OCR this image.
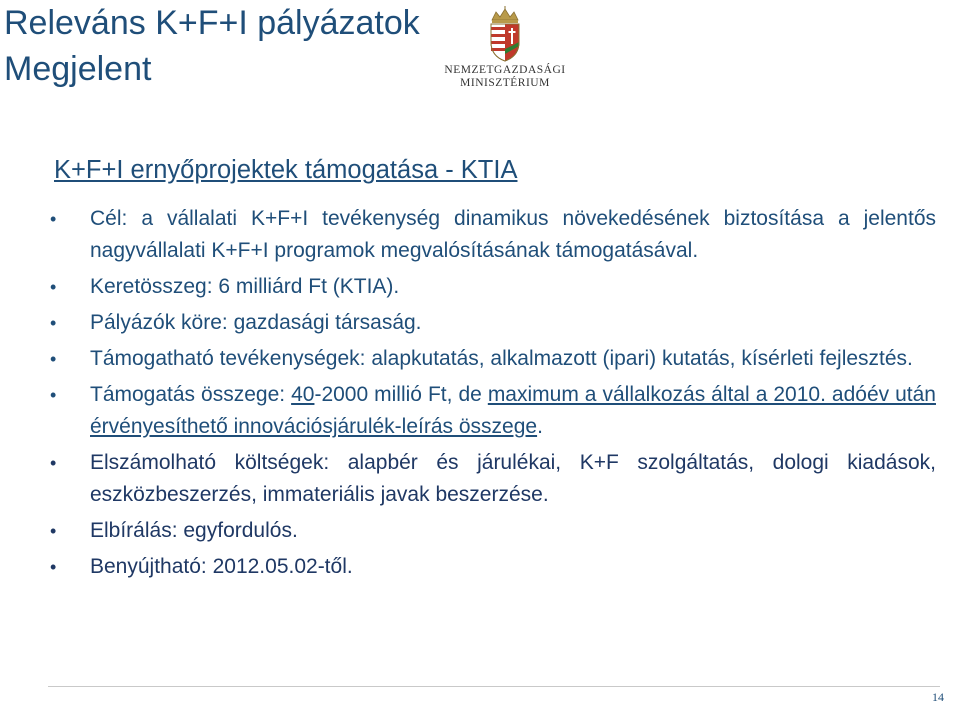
Releváns K+F+I pályázatok
Megjelent	NEMZETGAZDASÁGI
MINISZTÉRIUM
K+F+I ernyőprojektek támogatása - KTIA
• Cél: a vállalati K+F+I tevékenység dinamikus növekedésének biztosítása a jelentős nagyvállalati K+F+I programok megvalósításának támogatásával.
• Keretösszeg: 6 milliárd Ft (KTIA).
• Pályázók köre: gazdasági társaság.
• Támogatható tevékenységek: alapkutatás, alkalmazott (ipari) kutatás, kísérleti fejlesztés.
• Támogatás összege: 40-2000 millió Ft, de maximum a vállalkozás által a 2010. adóév után érvényesíthető innovációsjárulék-leírás összege.
• Elszámolható költségek: alapbér és járulékai, K+F szolgáltatás, dologi kiadások, eszközbeszerzés, immateriális javak beszerzése.
• Elbírálás: egyfordulós.
• Benyújtható: 2012.05.02-től.
14
